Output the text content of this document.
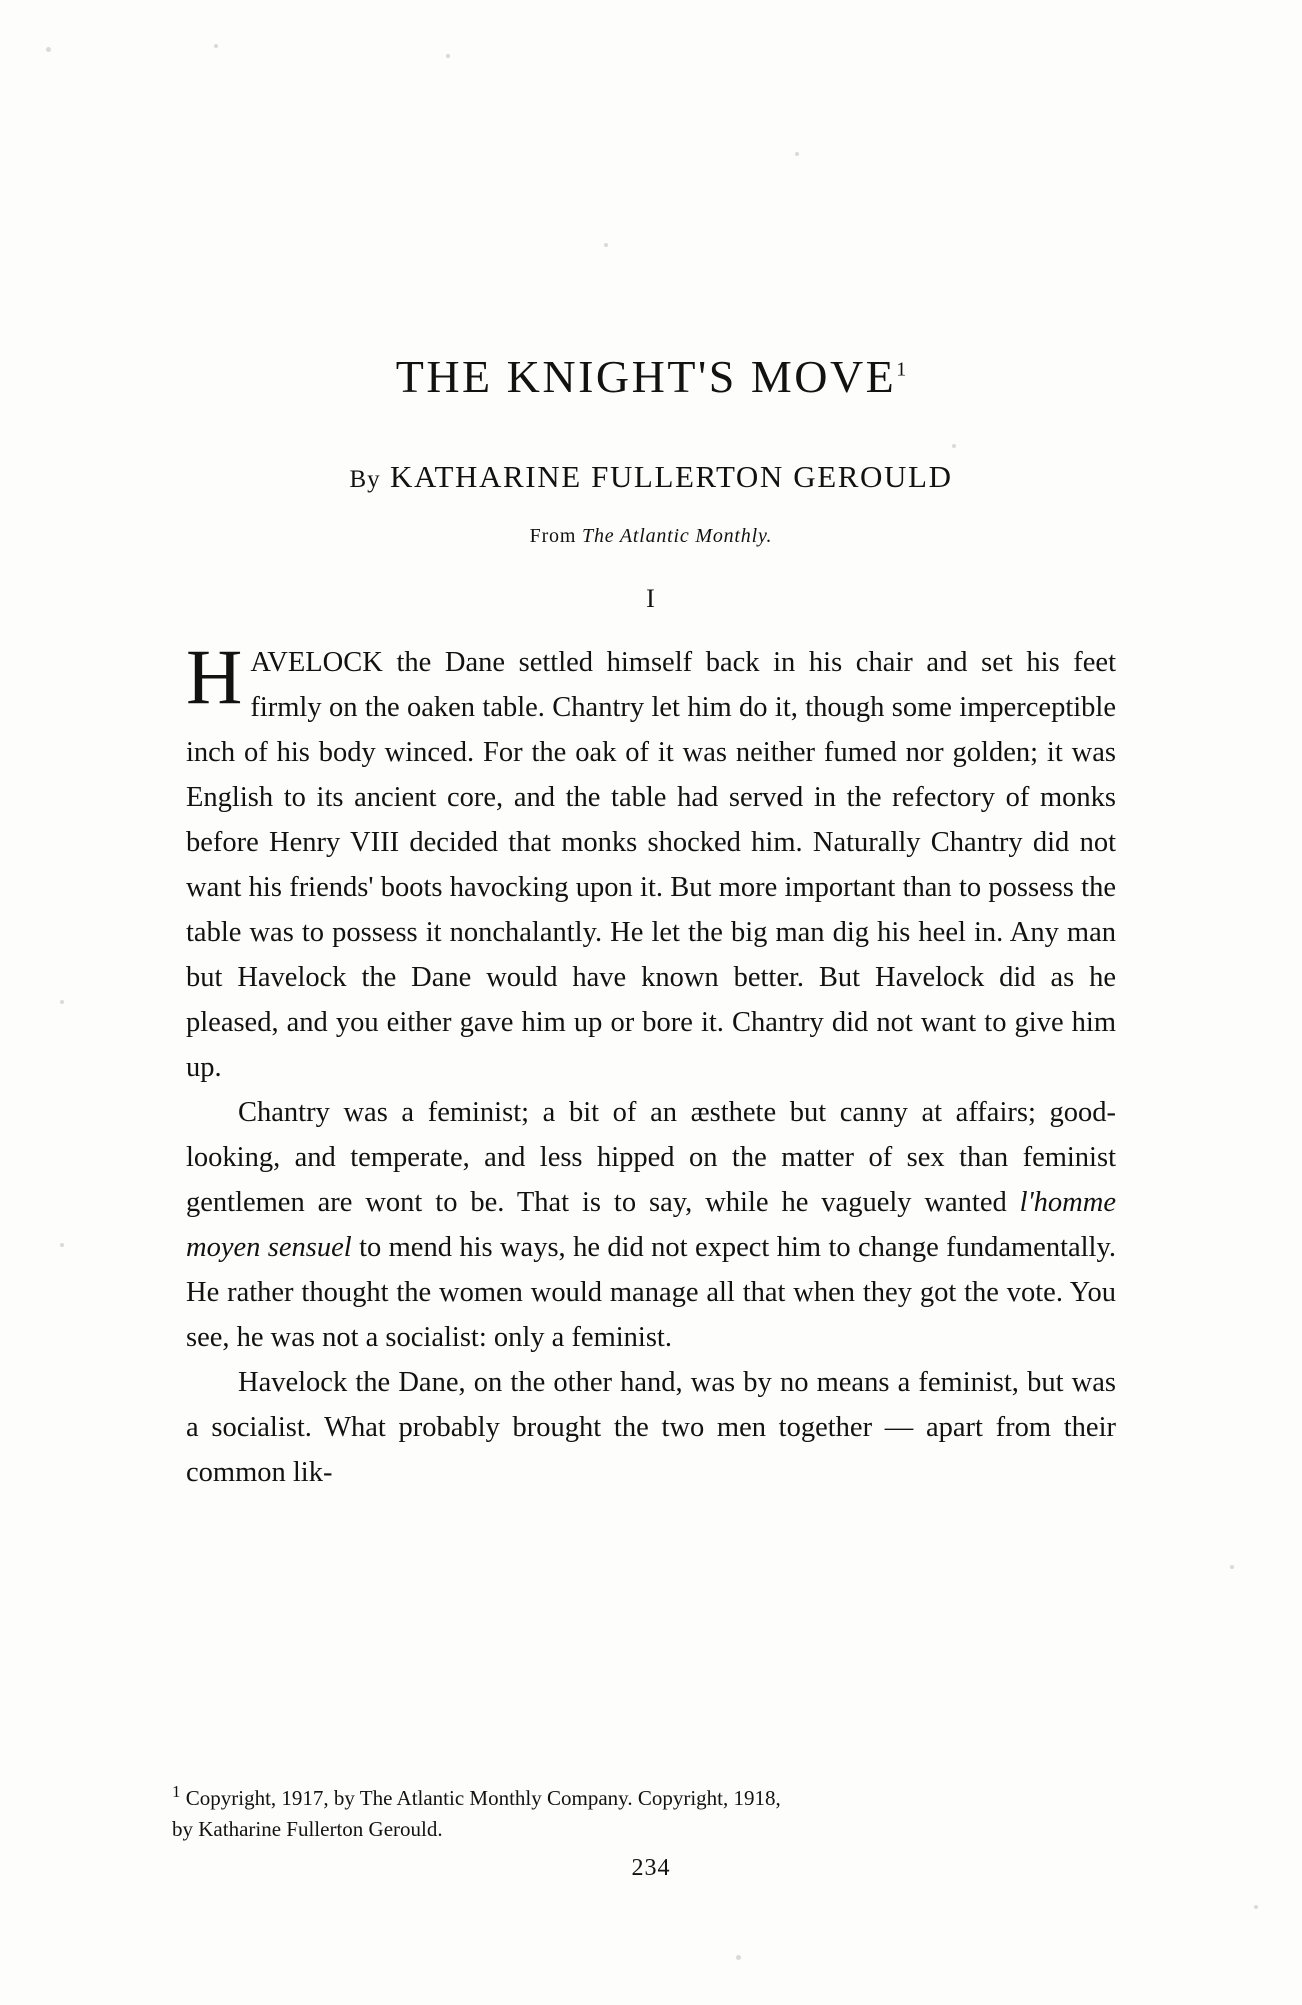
THE KNIGHT'S MOVE$^1$
By KATHARINE FULLERTON GEROULD
From The Atlantic Monthly.
I

HAVELOCK the Dane settled himself back in his chair and set his feet firmly on the oaken table. Chantry let him do it, though some imperceptible inch of his body winced. For the oak of it was neither fumed nor golden; it was English to its ancient core, and the table had served in the refectory of monks before Henry VIII decided that monks shocked him. Naturally Chantry did not want his friends' boots havocking upon it. But more important than to possess the table was to possess it nonchalantly. He let the big man dig his heel in. Any man but Havelock the Dane would have known better. But Havelock did as he pleased, and you either gave him up or bore it. Chantry did not want to give him up.

Chantry was a feminist; a bit of an æsthete but canny at affairs; good-looking, and temperate, and less hipped on the matter of sex than feminist gentlemen are wont to be. That is to say, while he vaguely wanted l'homme moyen sensuel to mend his ways, he did not expect him to change fundamentally. He rather thought the women would manage all that when they got the vote. You see, he was not a socialist: only a feminist.

Havelock the Dane, on the other hand, was by no means a feminist, but was a socialist. What probably brought the two men together — apart from their common lik-

$^1$ Copyright, 1917, by The Atlantic Monthly Company. Copyright, 1918,
by Katharine Fullerton Gerould.
234
